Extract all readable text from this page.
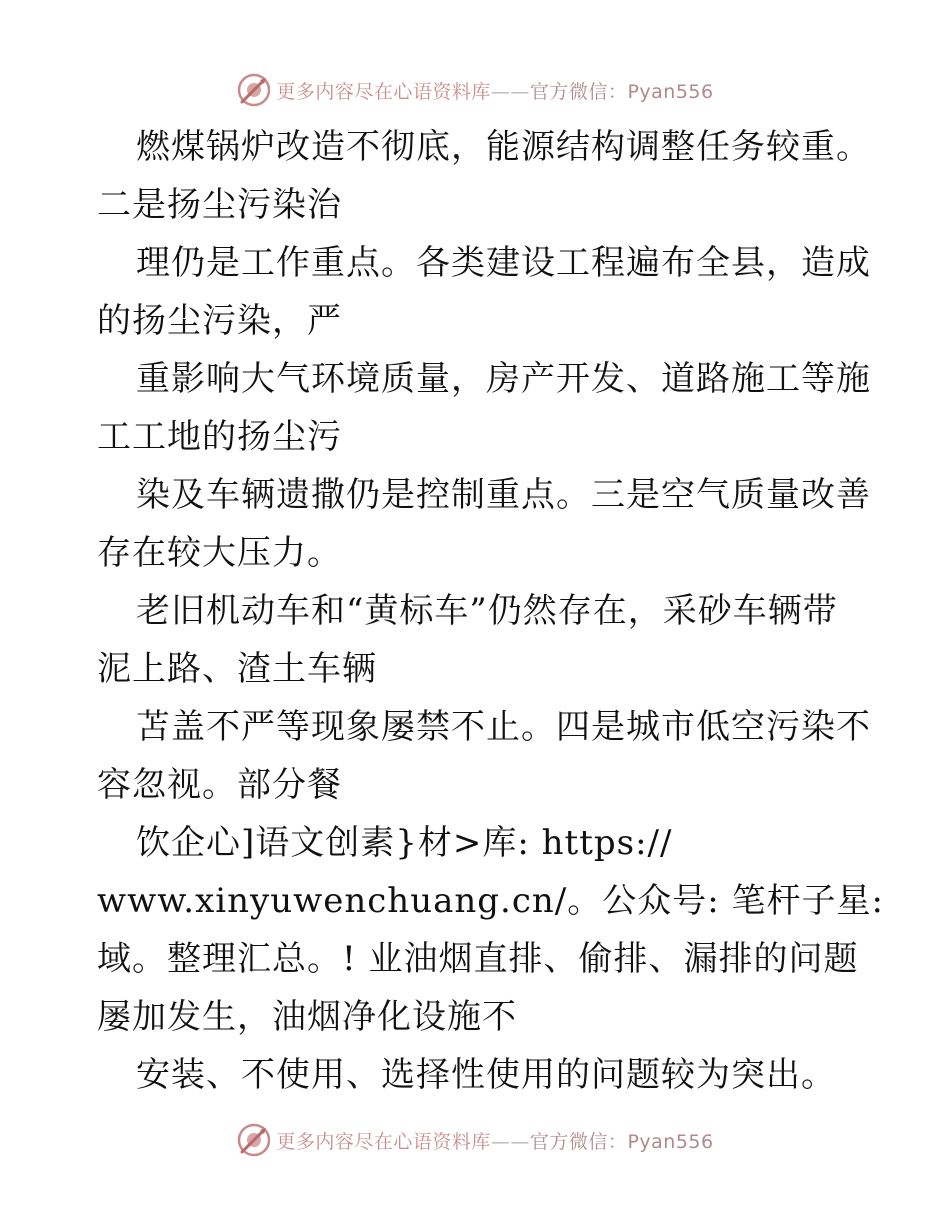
更多内容尽在心语资料库——官方微信：Pyan556
燃煤锅炉改造不彻底，能源结构调整任务较重。
二是扬尘污染治
理仍是工作重点。各类建设工程遍布全县，造成
的扬尘污染，严
重影响大气环境质量，房产开发、道路施工等施
工工地的扬尘污
染及车辆遗撒仍是控制重点。三是空气质量改善
存在较大压力。
老旧机动车和“黄标车”仍然存在，采砂车辆带
泥上路、渣土车辆
苫盖不严等现象屡禁不止。四是城市低空污染不
容忽视。部分餐
饮企心]语文创素}材>库: https://
www.xinyuwenchuang.cn/。公众号: 笔杆子星:
域。整理汇总。! 业油烟直排、偷排、漏排的问题
屡加发生，油烟净化设施不
安装、不使用、选择性使用的问题较为突出。
更多内容尽在心语资料库——官方微信：Pyan556
